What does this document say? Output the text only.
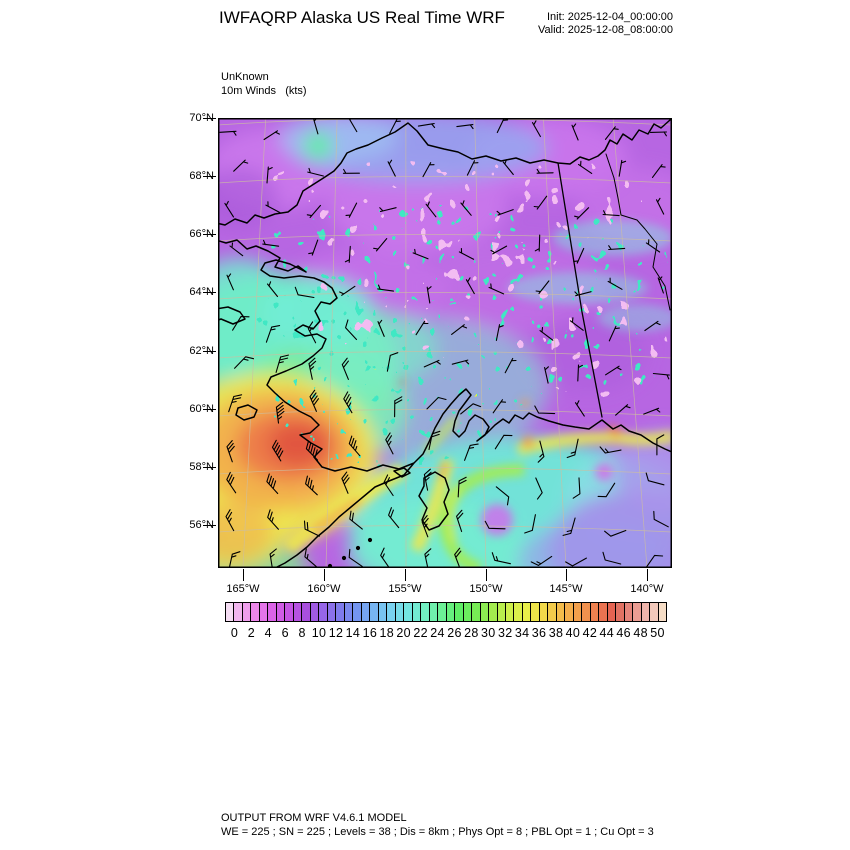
IWFAQRP Alaska US Real Time WRF	Init: 2025-12-04_00:00:00
Valid: 2025-12-08_08:00:00
UnKnown
10m Winds (kts)
70°N
68°N
66°N
64°N
62°N
60°N
58°N
56°N
165°W	160°W	155°W	150°W	145°W	140°W
0 2 4 6 8 10 12 14 16 18 20 22 24 26 28 30 32 34 36 38 40 42 44 46 48 50
OUTPUT FROM WRF V4.6.1 MODEL
WE = 225 ; SN = 225 ; Levels = 38 ; Dis = 8km ; Phys Opt = 8 ; PBL Opt = 1 ; Cu Opt = 3
